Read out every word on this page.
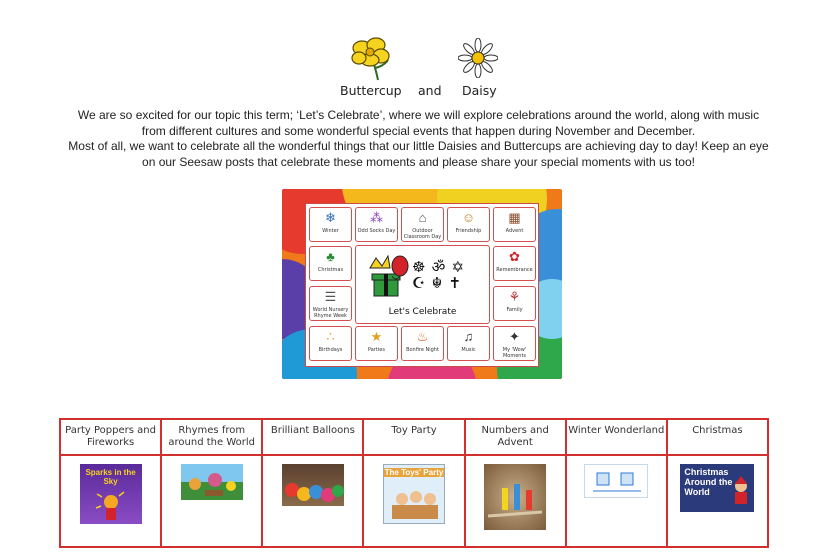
Buttercup and Daisy

We are so excited for our topic this term; ‘Let’s Celebrate’, where we will explore celebrations around the world, along with music

from different cultures and some wonderful special events that happen during November and December.

Most of all, we want to celebrate all the wonderful things that our little Daisies and Buttercups are achieving day to day! Keep an eye

on our Seesaw posts that celebrate these moments and please share your special moments with us too!

❄
Winter
⁂
Odd Socks Day
⌂
Outdoor Classroom Day
☺
Friendship
▦
Advent
♣
Christmas
☰
World Nursery Rhyme Week
✿
Remembrance
⚘
Family
∴
Birthdays
★
Parties
♨
Bonfire Night
♫
Music
✦
My 'Wow' Moments
☸ ॐ ✡
☪ ☬ ✝
Let's Celebrate
Party Poppers and Fireworks	Rhymes from around the World	Brilliant Balloons	Toy Party	Numbers and Advent	Winter Wonderland	Christmas

Sparks in the Sky			The Toys' Party			Christmas Around the World
